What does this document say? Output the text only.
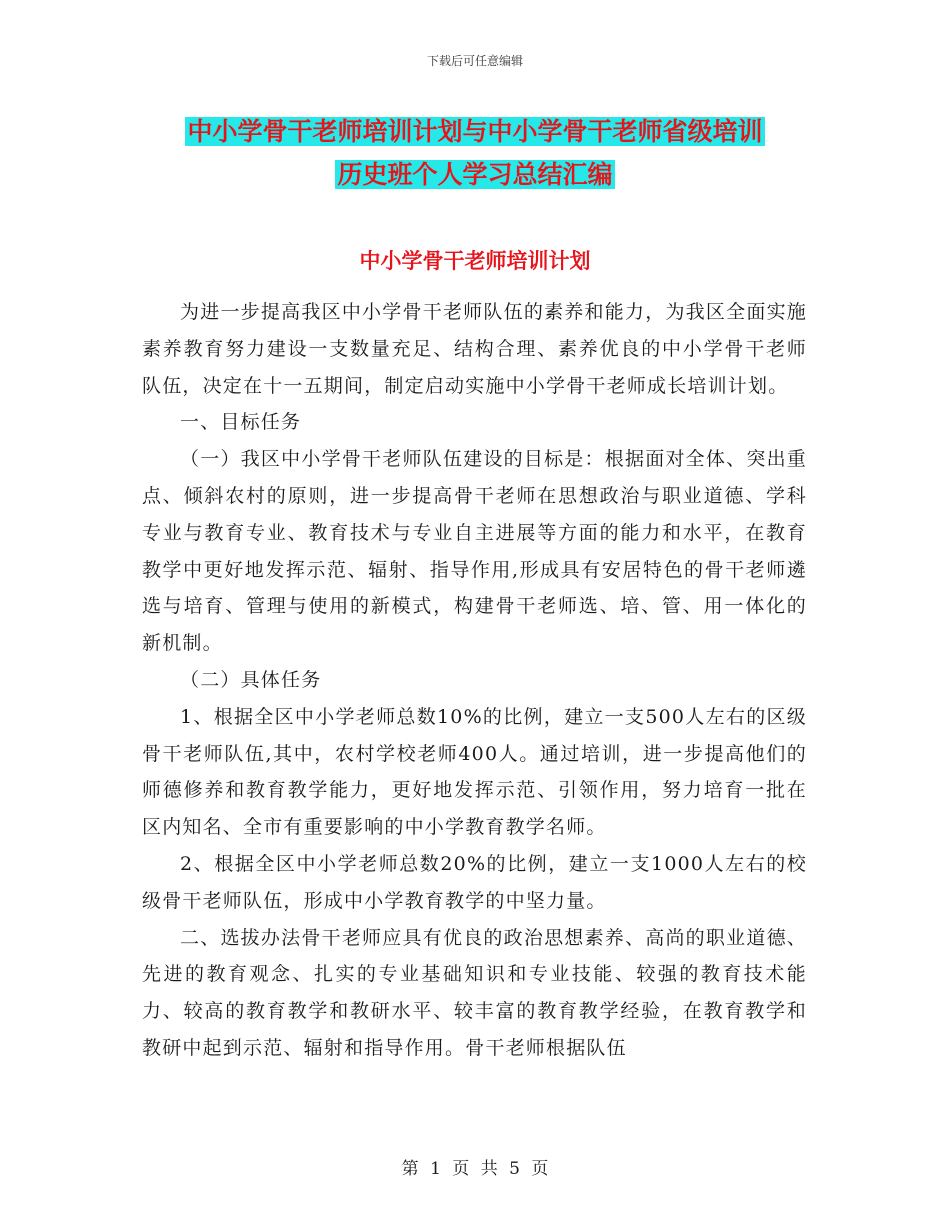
下载后可任意编辑
中小学骨干老师培训计划与中小学骨干老师省级培训
历史班个人学习总结汇编
中小学骨干老师培训计划

为进一步提高我区中小学骨干老师队伍的素养和能力，为我区全面实施素养教育努力建设一支数量充足、结构合理、素养优良的中小学骨干老师队伍，决定在十一五期间，制定启动实施中小学骨干老师成长培训计划。

一、目标任务

（一）我区中小学骨干老师队伍建设的目标是：根据面对全体、突出重点、倾斜农村的原则，进一步提高骨干老师在思想政治与职业道德、学科专业与教育专业、教育技术与专业自主进展等方面的能力和水平，在教育教学中更好地发挥示范、辐射、指导作用,形成具有安居特色的骨干老师遴选与培育、管理与使用的新模式，构建骨干老师选、培、管、用一体化的新机制。

（二）具体任务

1、根据全区中小学老师总数10%的比例，建立一支500人左右的区级骨干老师队伍,其中，农村学校老师400人。通过培训，进一步提高他们的师德修养和教育教学能力，更好地发挥示范、引领作用，努力培育一批在区内知名、全市有重要影响的中小学教育教学名师。

2、根据全区中小学老师总数20%的比例，建立一支1000人左右的校级骨干老师队伍，形成中小学教育教学的中坚力量。

二、选拔办法骨干老师应具有优良的政治思想素养、高尚的职业道德、先进的教育观念、扎实的专业基础知识和专业技能、较强的教育技术能力、较高的教育教学和教研水平、较丰富的教育教学经验，在教育教学和教研中起到示范、辐射和指导作用。骨干老师根据队伍

第 1 页 共 5 页
